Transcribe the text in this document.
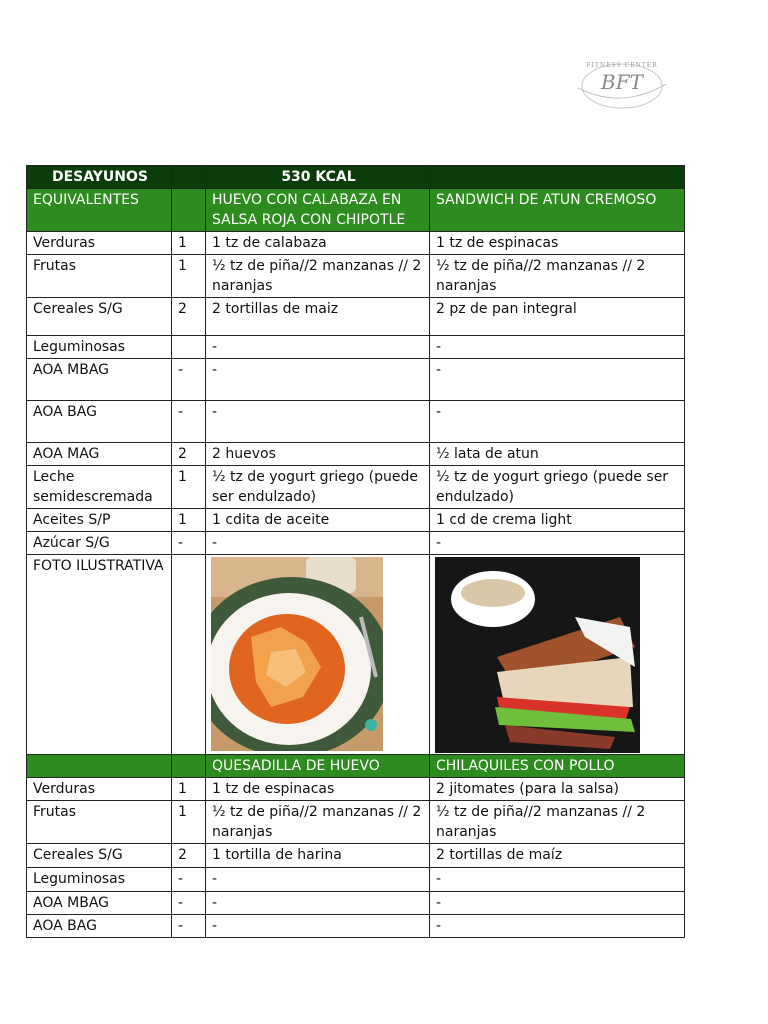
FITNESS CENTER
BFT
DESAYUNOS		530 KCAL	
EQUIVALENTES		HUEVO CON CALABAZA EN SALSA ROJA CON CHIPOTLE	SANDWICH DE ATUN CREMOSO
Verduras	1	1 tz de calabaza	1 tz de espinacas
Frutas	1	½ tz de piña//2 manzanas // 2 naranjas	½ tz de piña//2 manzanas // 2 naranjas
Cereales S/G	2	2 tortillas de maiz	2 pz de pan integral
Leguminosas		-	-
AOA MBAG	-	-	-
AOA BAG	-	-	-
AOA MAG	2	2 huevos	½ lata de atun
Leche semidescremada	1	½ tz de yogurt griego (puede ser endulzado)	½ tz de yogurt griego (puede ser endulzado)
Aceites S/P	1	1 cdita de aceite	1 cd de crema light
Azúcar S/G	-	-	-
FOTO ILUSTRATIVA		

		QUESADILLA DE HUEVO	CHILAQUILES CON POLLO
Verduras	1	1 tz de espinacas	2 jitomates (para la salsa)
Frutas	1	½ tz de piña//2 manzanas // 2 naranjas	½ tz de piña//2 manzanas // 2 naranjas
Cereales S/G	2	1 tortilla de harina	2 tortillas de maíz
Leguminosas	-	-	-
AOA MBAG	-	-	-
AOA BAG	-	-	-
